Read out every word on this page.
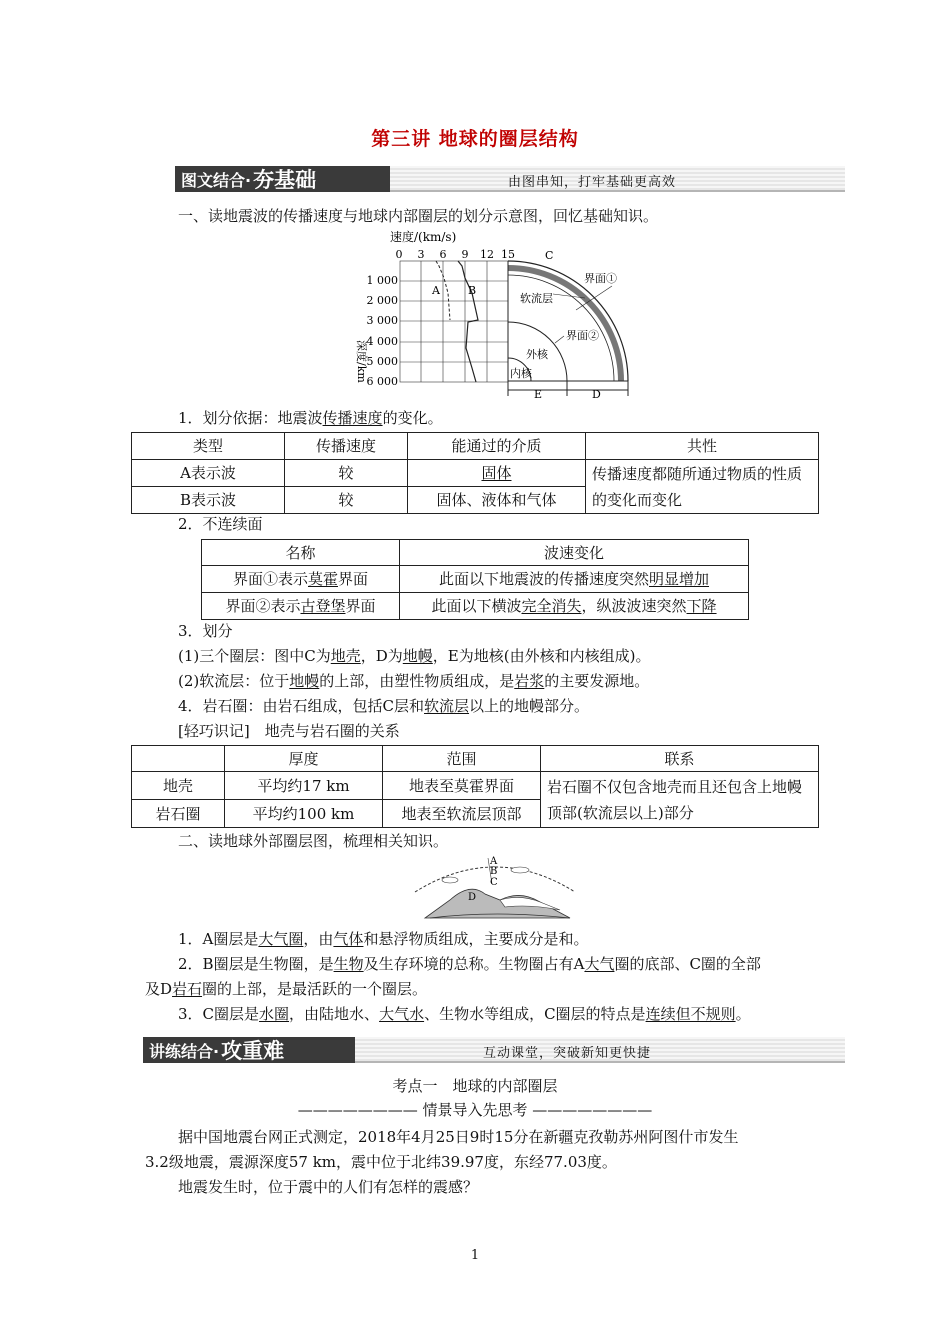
第三讲 地球的圈层结构
图文结合· 夯基础	由图串知，打牢基础更高效
一、读地震波的传播速度与地球内部圈层的划分示意图，回忆基础知识。
速度/(km/s)
0 3 6 9 12 15
1 000
2 000
3 000
4 000
5 000
6 000
深度/km
A	B
C
界面①
软流层
界面②
外核
内核
E	D
1．划分依据：地震波传播速度的变化。
类型	传播速度	能通过的介质	共性
A表示波	较	固体	传播速度都随所通过物质的性质的变化而变化
B表示波	较	固体、液体和气体	
2．不连续面
名称	波速变化
界面①表示莫霍界面	此面以下地震波的传播速度突然明显增加
界面②表示古登堡界面	此面以下横波完全消失，纵波波速突然下降
3．划分
(1)三个圈层：图中C为地壳，D为地幔，E为地核(由外核和内核组成)。
(2)软流层：位于地幔的上部，由塑性物质组成，是岩浆的主要发源地。
4．岩石圈：由岩石组成，包括C层和软流层以上的地幔部分。
[轻巧识记]　地壳与岩石圈的关系
	厚度	范围	联系
地壳	平均约17 km	地表至莫霍界面	岩石圈不仅包含地壳而且还包含上地幔顶部(软流层以上)部分
岩石圈	平均约100 km	地表至软流层顶部	
二、读地球外部圈层图，梳理相关知识。
A
B
C
D
1．A圈层是大气圈，由气体和悬浮物质组成，主要成分是和。
2．B圈层是生物圈，是生物及生存环境的总称。生物圈占有A大气圈的底部、C圈的全部
及D岩石圈的上部，是最活跃的一个圈层。
3．C圈层是水圈，由陆地水、大气水、生物水等组成，C圈层的特点是连续但不规则。
讲练结合· 攻重难	互动课堂，突破新知更快捷
考点一　地球的内部圈层
———————— 情景导入先思考 ————————
据中国地震台网正式测定，2018年4月25日9时15分在新疆克孜勒苏州阿图什市发生
3.2级地震，震源深度57 km，震中位于北纬39.97度，东经77.03度。
地震发生时，位于震中的人们有怎样的震感？
1
